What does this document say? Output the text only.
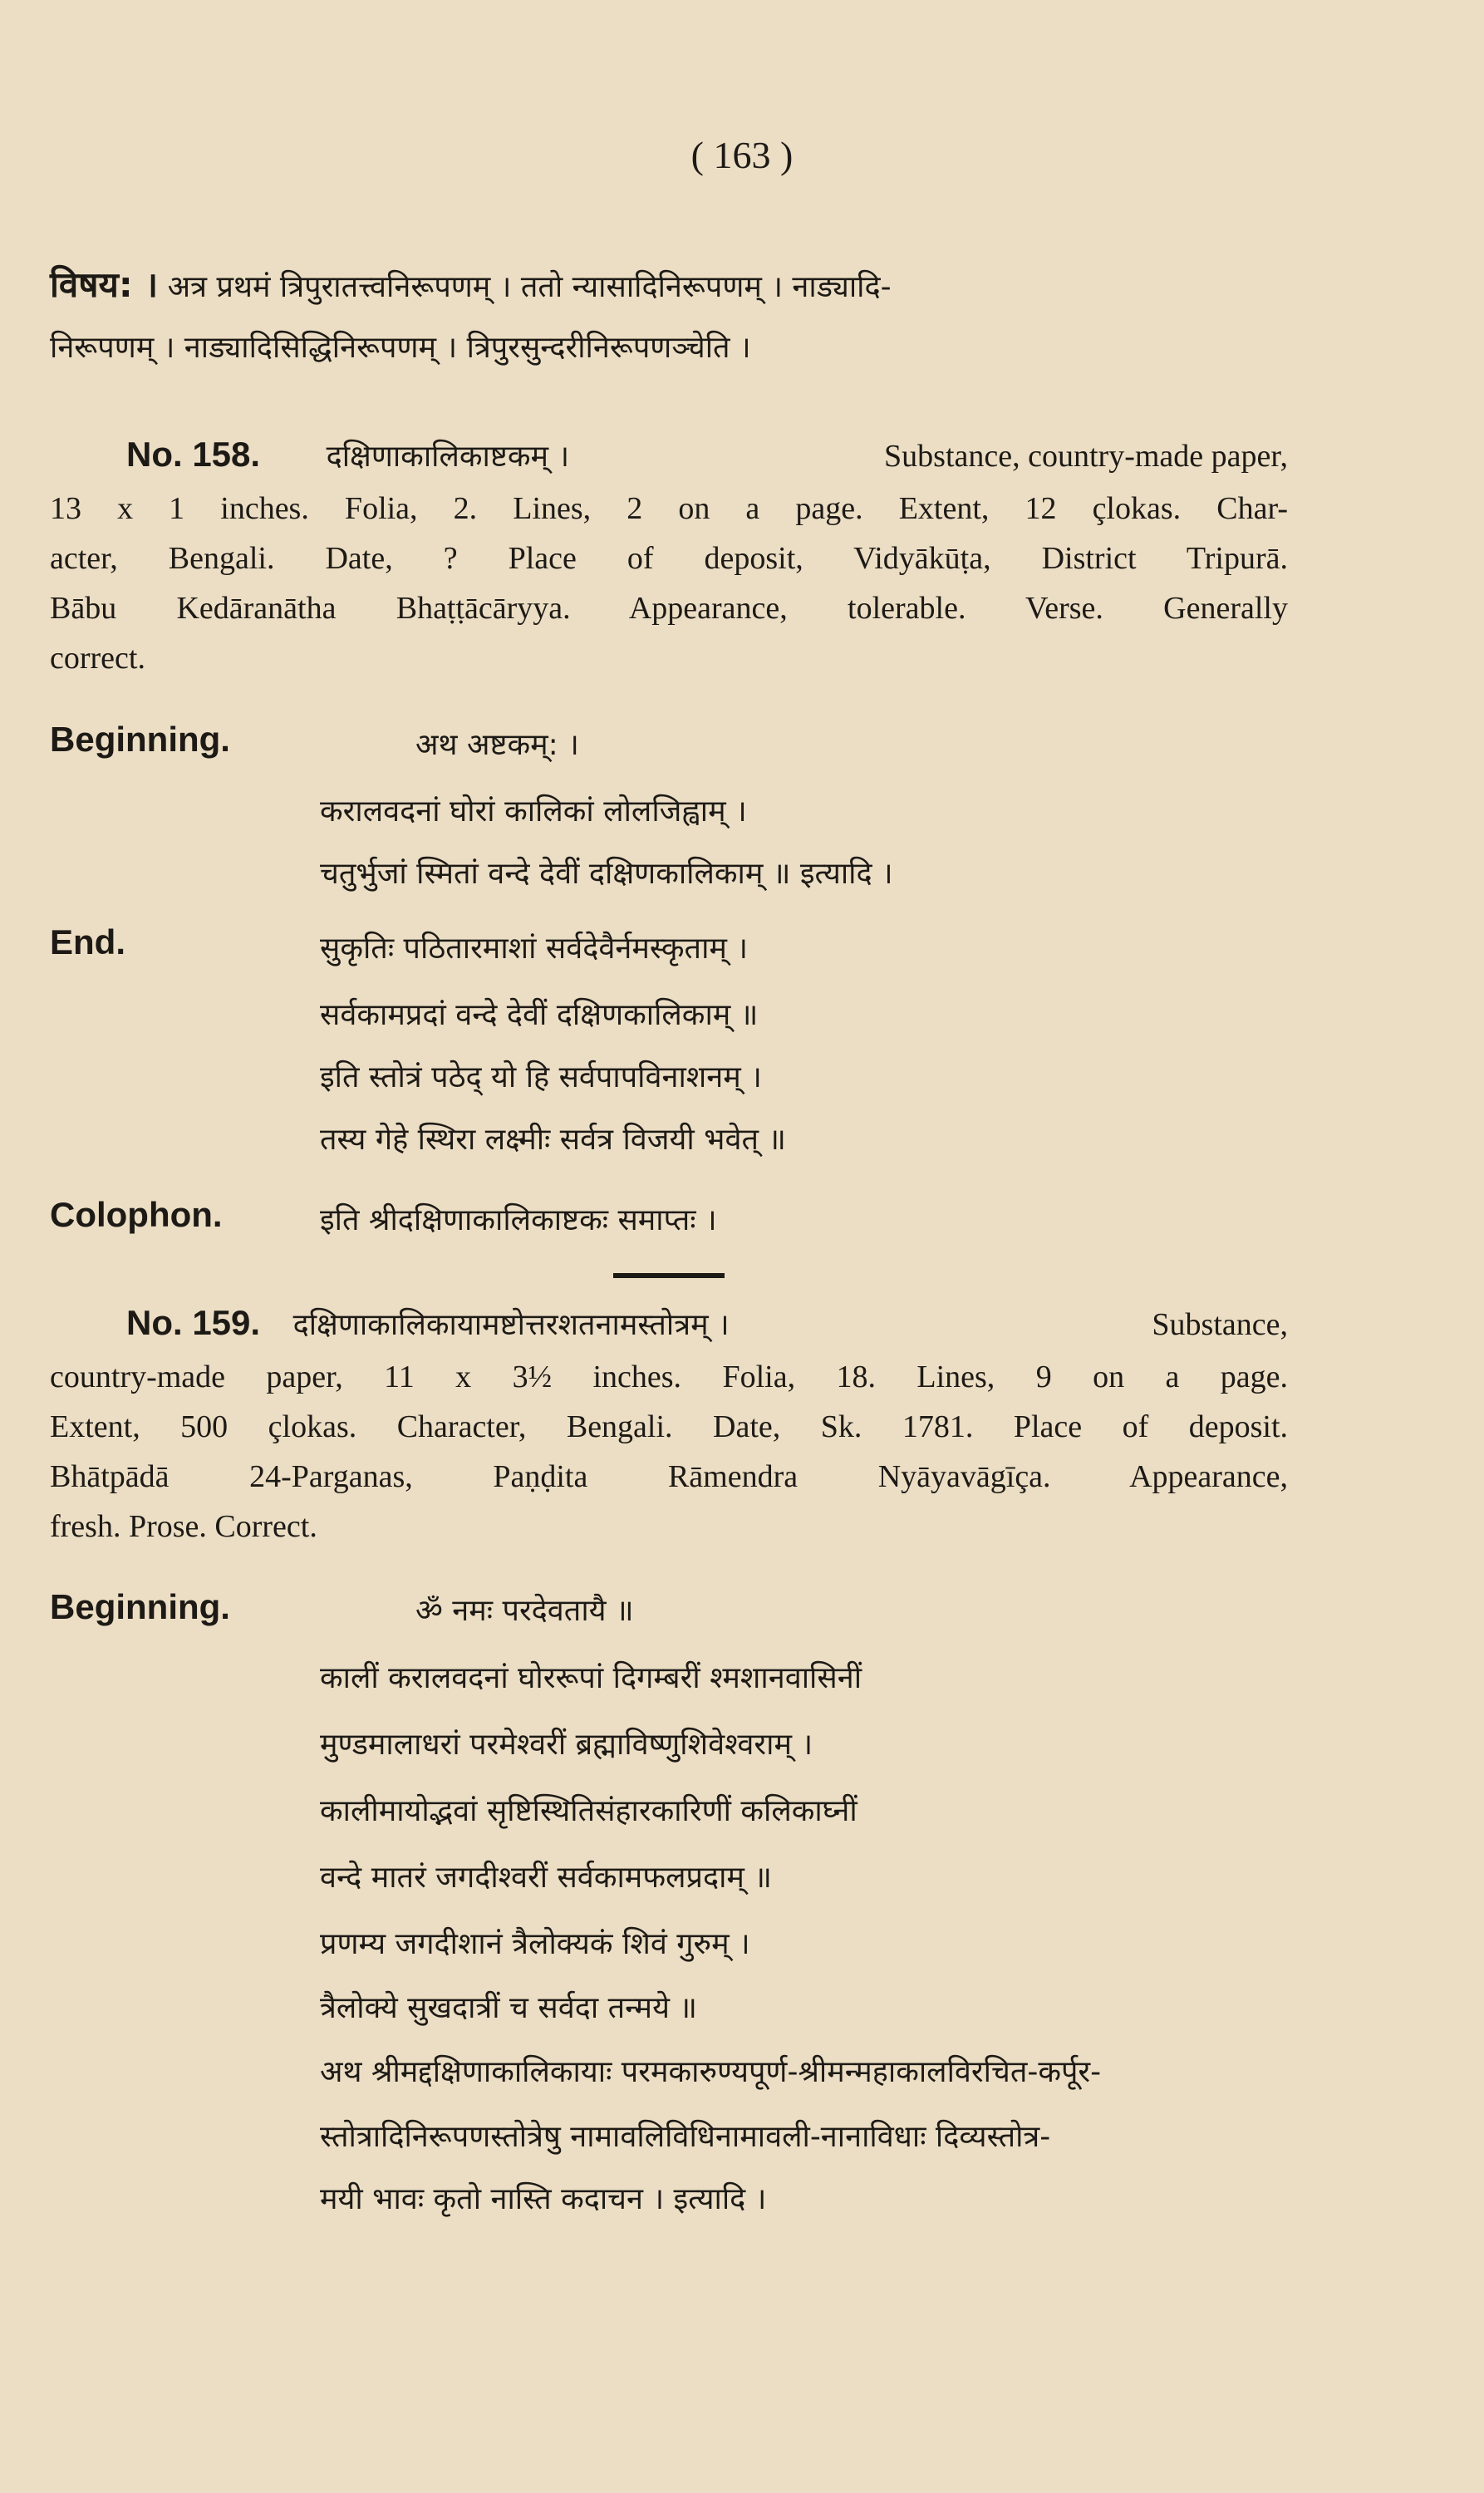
( 163 )
विषय: । अत्र प्रथमं त्रिपुरातत्त्वनिरूपणम् । ततो न्यासादिनिरूपणम् । नाड्यादि-
निरूपणम् । नाड्यादिसिद्धिनिरूपणम् । त्रिपुरसुन्दरीनिरूपणञ्चेति ।
No. 158. दक्षिणाकालिकाष्टकम् ।	Substance, country-made paper,
13 x 1 inches. Folia, 2. Lines, 2 on a page. Extent, 12 çlokas. Char-
acter, Bengali. Date, ? Place of deposit, Vidyākūṭa, District Tripurā.
Bābu Kedāranātha Bhaṭṭācāryya. Appearance, tolerable. Verse. Generally
correct.
Beginning.	अथ अष्टकम्: ।
करालवदनां घोरां कालिकां लोलजिह्वाम् ।
चतुर्भुजां स्मितां वन्दे देवीं दक्षिणकालिकाम् ॥ इत्यादि ।
End.	सुकृतिः पठितारमाशां सर्वदेवैर्नमस्कृताम् ।
सर्वकामप्रदां वन्दे देवीं दक्षिणकालिकाम् ॥
इति स्तोत्रं पठेद् यो हि सर्वपापविनाशनम् ।
तस्य गेहे स्थिरा लक्ष्मीः सर्वत्र विजयी भवेत् ॥
Colophon.	इति श्रीदक्षिणाकालिकाष्टकः समाप्तः ।
No. 159. दक्षिणाकालिकायामष्टोत्तरशतनामस्तोत्रम् ।	Substance,
country-made paper, 11 x 3½ inches. Folia, 18. Lines, 9 on a page.
Extent, 500 çlokas. Character, Bengali. Date, Sk. 1781. Place of deposit.
Bhātpādā 24-Parganas, Paṇḍita Rāmendra Nyāyavāgīça. Appearance,
fresh. Prose. Correct.
Beginning.	ॐ नमः परदेवतायै ॥
कालीं करालवदनां घोररूपां दिगम्बरीं श्मशानवासिनीं
मुण्डमालाधरां परमेश्वरीं ब्रह्माविष्णुशिवेश्वराम् ।
कालीमायोद्भवां सृष्टिस्थितिसंहारकारिणीं कलिकाघ्नीं
वन्दे मातरं जगदीश्वरीं सर्वकामफलप्रदाम् ॥
प्रणम्य जगदीशानं त्रैलोक्यकं शिवं गुरुम् ।
त्रैलोक्ये सुखदात्रीं च सर्वदा तन्मये ॥
अथ श्रीमद्दक्षिणाकालिकायाः परमकारुण्यपूर्ण-श्रीमन्महाकालविरचित-कर्पूर-
स्तोत्रादिनिरूपणस्तोत्रेषु नामावलिविधिनामावली-नानाविधाः दिव्यस्तोत्र-
मयी भावः कृतो नास्ति कदाचन । इत्यादि ।
